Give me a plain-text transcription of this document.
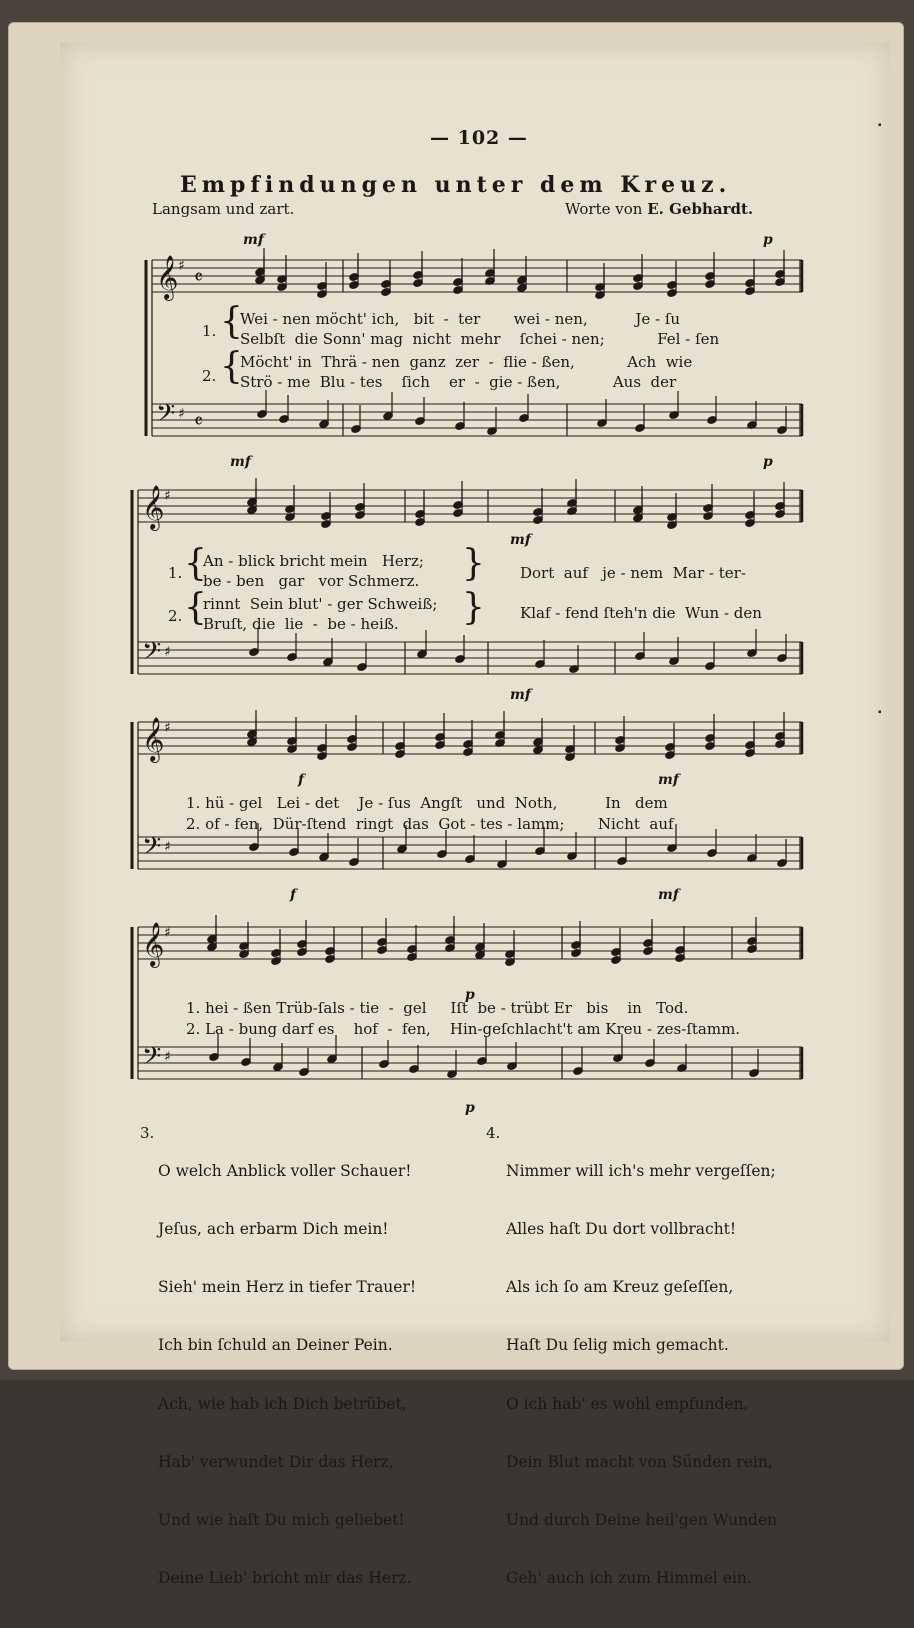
— 102 —
Empfindungen unter dem Kreuz.
Langsam und zart.	Worte von E. Gebhardt.
𝄞
𝄢
♯
♯
𝄴
𝄴
𝄞
𝄢
♯
♯
𝄞
𝄢
♯
♯
𝄞
𝄢
♯
♯
mf	p
mf	p
1. {
Wei - nen möcht' ich,   bit  -  ter       wei - nen,          Je - ſu
Selbſt  die Sonn' mag  nicht  mehr    ſchei - nen;           Fel - ſen
2. {
Möcht' in  Thrä - nen  ganz  zer  -  flie - ßen,           Ach  wie
Strö - me  Blu - tes    ſich    er  -  gie - ßen,           Aus  der
mf
1. {
An - blick bricht mein   Herz;
be - ben   gar   vor Schmerz. }
2. {
rinnt  Sein blut' - ger Schweiß;
Bruſt, die  lie  -  be - heiß. }
Dort  auf   je - nem  Mar - ter-
Klaf - fend ſteh'n die  Wun - den
mf
f	mf
1. hü - gel   Lei - det    Je - ſus  Angſt   und  Noth,          In   dem
2. of - fen,  Dür-ſtend  ringt  das  Got - tes - lamm;       Nicht  auf
f	mf
p
1. hei - ßen Trüb-ſals - tie  -  gel     Iſt  be - trübt Er   bis    in   Tod.
2. La - bung darf es    hof  -  fen,    Hin-geſchlacht't am Kreu - zes-ſtamm.
p
3.

O welch Anblick voller Schauer!

Jeſus, ach erbarm Dich mein!

Sieh' mein Herz in tiefer Trauer!

Ich bin ſchuld an Deiner Pein.

Ach, wie hab ich Dich betrübet,

Hab' verwundet Dir das Herz,

Und wie haſt Du mich geliebet!

Deine Lieb' bricht mir das Herz.

4.

Nimmer will ich's mehr vergeſſen;

Alles haſt Du dort vollbracht!

Als ich ſo am Kreuz geſeſſen,

Haſt Du ſelig mich gemacht.

O ich hab' es wohl empfunden,

Dein Blut macht von Sünden rein,

Und durch Deine heil'gen Wunden

Geh' auch ich zum Himmel ein.

▪
▪
